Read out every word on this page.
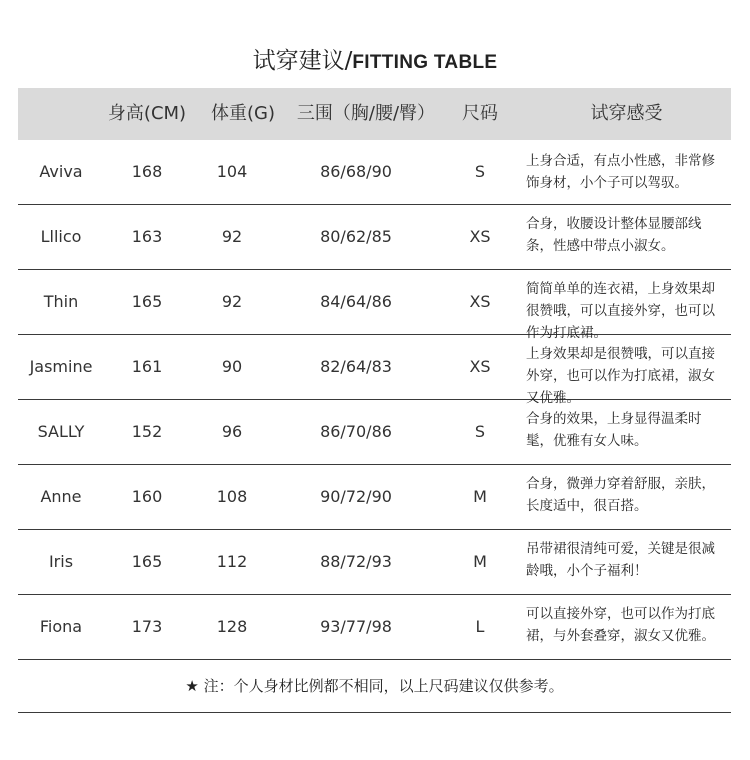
试穿建议/FITTING TABLE
身高(CM)	体重(G)	三围（胸/腰/臀）	尺码	试穿感受
Aviva	168	104	86/68/90	S
上身合适，有点小性感，非常修饰身材，小个子可以驾驭。
Lllico	163	92	80/62/85	XS
合身，收腰设计整体显腰部线条，性感中带点小淑女。
Thin	165	92	84/64/86	XS
简简单单的连衣裙，上身效果却很赞哦，可以直接外穿，也可以作为打底裙。
Jasmine	161	90	82/64/83	XS
上身效果却是很赞哦，可以直接外穿，也可以作为打底裙，淑女又优雅。
SALLY	152	96	86/70/86	S
合身的效果，上身显得温柔时髦，优雅有女人味。
Anne	160	108	90/72/90	M
合身，微弹力穿着舒服，亲肤，长度适中，很百搭。
Iris	165	112	88/72/93	M
吊带裙很清纯可爱，关键是很减龄哦，小个子福利！
Fiona	173	128	93/77/98	L
可以直接外穿，也可以作为打底裙，与外套叠穿，淑女又优雅。
★ 注：个人身材比例都不相同，以上尺码建议仅供参考。
